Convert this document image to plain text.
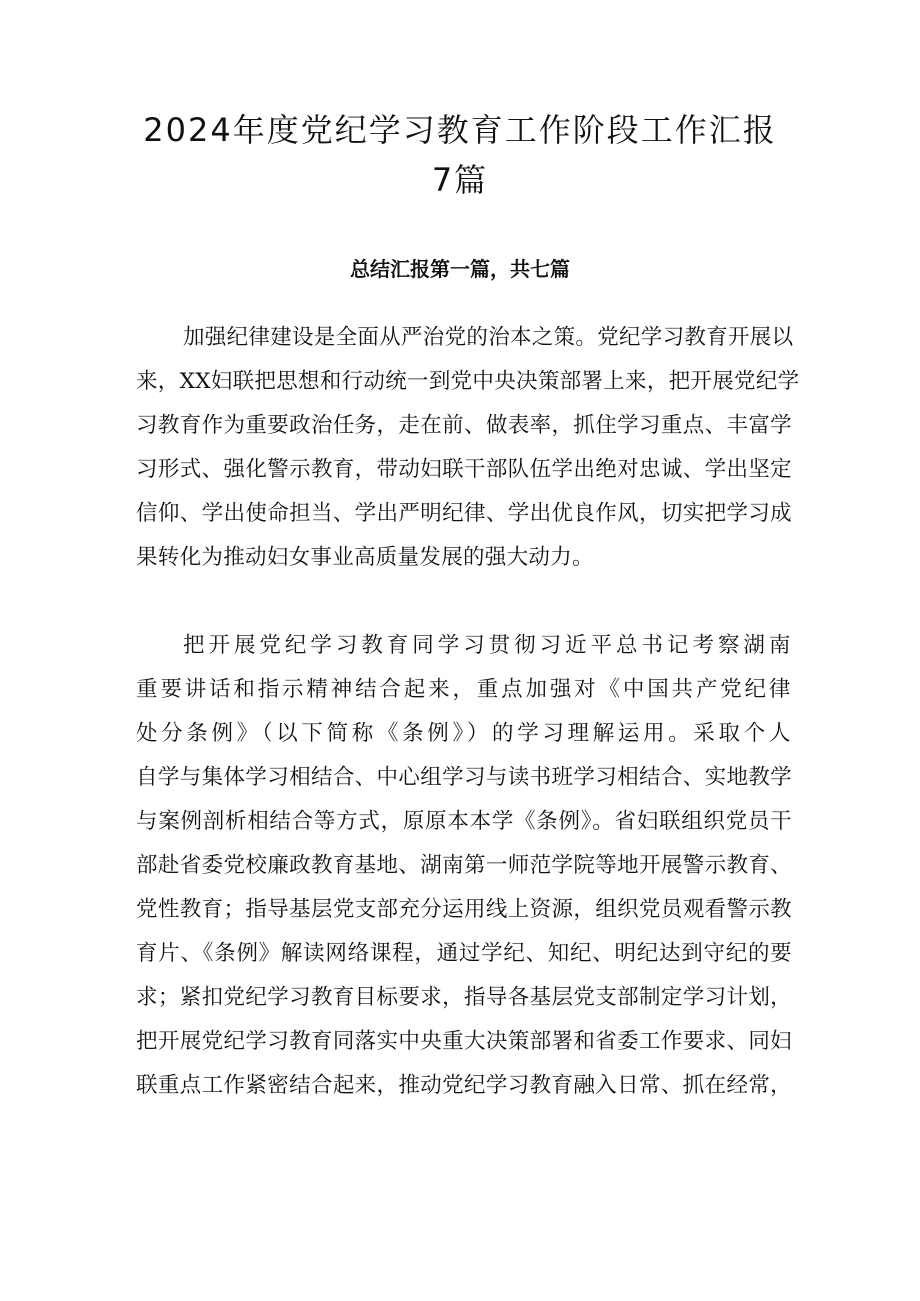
2024年度党纪学习教育工作阶段工作汇报
7篇
总结汇报第一篇，共七篇
加强纪律建设是全面从严治党的治本之策。党纪学习教育开展以
来，XX妇联把思想和行动统一到党中央决策部署上来，把开展党纪学
习教育作为重要政治任务，走在前、做表率，抓住学习重点、丰富学
习形式、强化警示教育，带动妇联干部队伍学出绝对忠诚、学出坚定
信仰、学出使命担当、学出严明纪律、学出优良作风，切实把学习成
果转化为推动妇女事业高质量发展的强大动力。
把开展党纪学习教育同学习贯彻习近平总书记考察湖南
重要讲话和指示精神结合起来，重点加强对《中国共产党纪律
处分条例》（以下简称《条例》）的学习理解运用。采取个人
自学与集体学习相结合、中心组学习与读书班学习相结合、实地教学
与案例剖析相结合等方式，原原本本学《条例》。省妇联组织党员干
部赴省委党校廉政教育基地、湖南第一师范学院等地开展警示教育、
党性教育；指导基层党支部充分运用线上资源，组织党员观看警示教
育片、《条例》解读网络课程，通过学纪、知纪、明纪达到守纪的要
求；紧扣党纪学习教育目标要求，指导各基层党支部制定学习计划，
把开展党纪学习教育同落实中央重大决策部署和省委工作要求、同妇
联重点工作紧密结合起来，推动党纪学习教育融入日常、抓在经常，
